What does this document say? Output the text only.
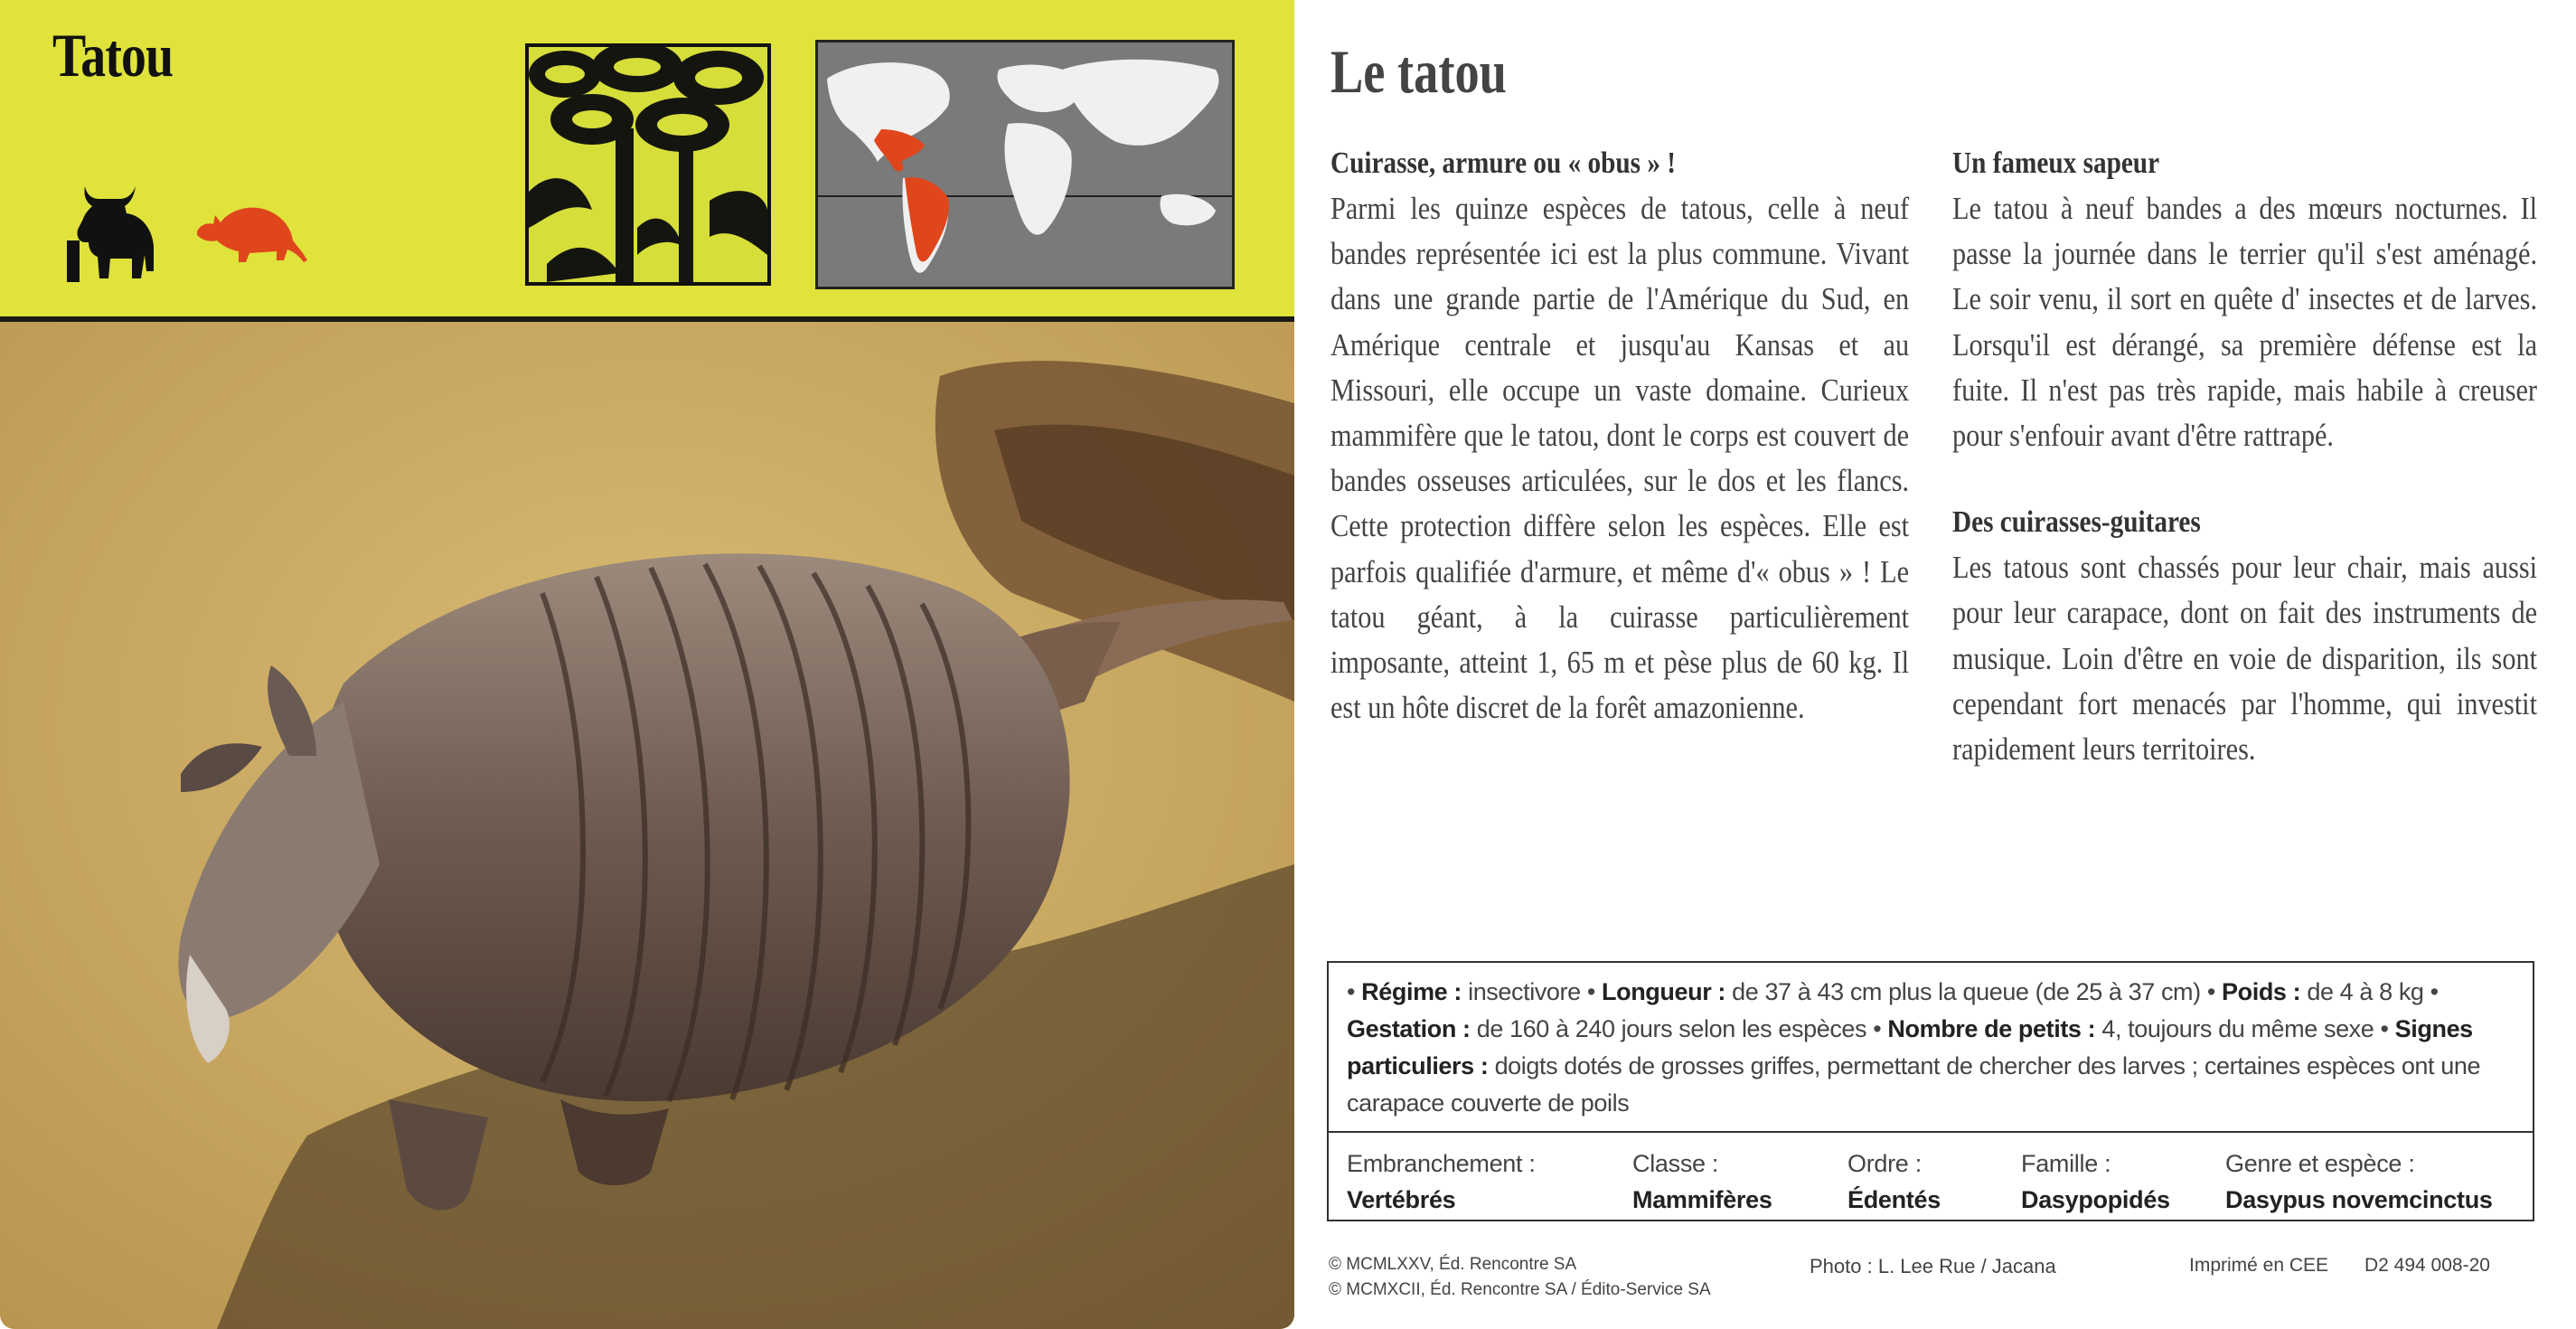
Tatou	Le tatou
Cuirasse, armure ou « obus » !

Parmi les quinze espèces de tatous, celle à neuf bandes représentée ici est la plus commune. Vivant dans une grande partie de l'Amérique du Sud, en Amérique centrale et jusqu'au Kansas et au Missouri, elle occupe un vaste domaine. Curieux mammifère que le tatou, dont le corps est couvert de bandes osseuses articulées, sur le dos et les flancs. Cette protection diffère selon les espèces. Elle est parfois qualifiée d'armure, et même d'« obus » ! Le tatou géant, à la cuirasse particulièrement imposante, atteint 1, 65 m et pèse plus de 60 kg. Il est un hôte discret de la forêt amazonienne.

Un fameux sapeur

Le tatou à neuf bandes a des mœurs nocturnes. Il passe la journée dans le terrier qu'il s'est aménagé. Le soir venu, il sort en quête d' insectes et de larves. Lorsqu'il est dérangé, sa première défense est la fuite. Il n'est pas très rapide, mais habile à creuser pour s'enfouir avant d'être rattrapé.

Des cuirasses-guitares

Les tatous sont chassés pour leur chair, mais aussi pour leur carapace, dont on fait des instruments de musique. Loin d'être en voie de disparition, ils sont cependant fort menacés par l'homme, qui investit rapidement leurs territoires.

• Régime : insectivore • Longueur : de 37 à 43 cm plus la queue (de 25 à 37 cm) • Poids : de 4 à 8 kg • Gestation : de 160 à 240 jours selon les espèces • Nombre de petits : 4, toujours du même sexe • Signes particuliers : doigts dotés de grosses griffes, permettant de chercher des larves ; certaines espèces ont une carapace couverte de poils
Embranchement :
Vertébrés
Classe :
Mammifères
Ordre :
Édentés
Famille :
Dasypopidés
Genre et espèce :
Dasypus novemcinctus
© MCMLXXV, Éd. Rencontre SA
© MCMXCII, Éd. Rencontre SA / Édito-Service SA
Photo : L. Lee Rue / Jacana	Imprimé en CEE D2 494 008-20
